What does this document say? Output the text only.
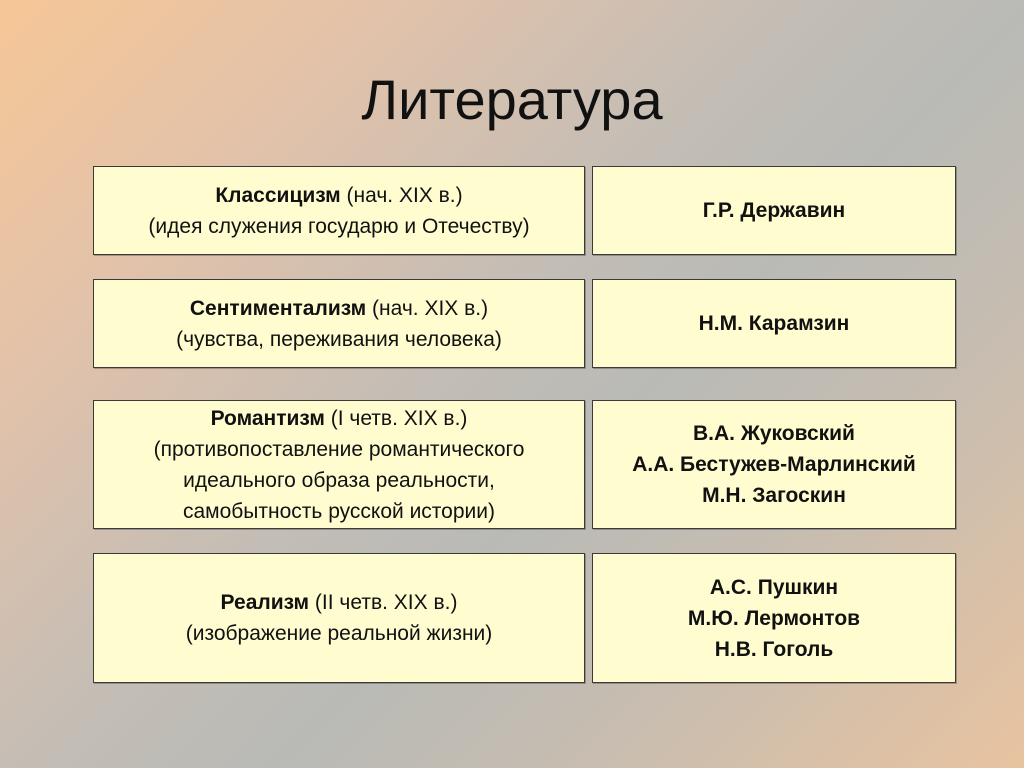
Литература
Классицизм (нач. XIX в.)
(идея служения государю и Отечеству)
Г.Р. Державин
Сентиментализм (нач. XIX в.)
(чувства, переживания человека)
Н.М. Карамзин
Романтизм (I четв. XIX в.)
(противопоставление романтического
идеального образа реальности,
самобытность русской истории)
В.А. Жуковский
А.А. Бестужев-Марлинский
М.Н. Загоскин
Реализм (II четв. XIX в.)
(изображение реальной жизни)
А.С. Пушкин
М.Ю. Лермонтов
Н.В. Гоголь
